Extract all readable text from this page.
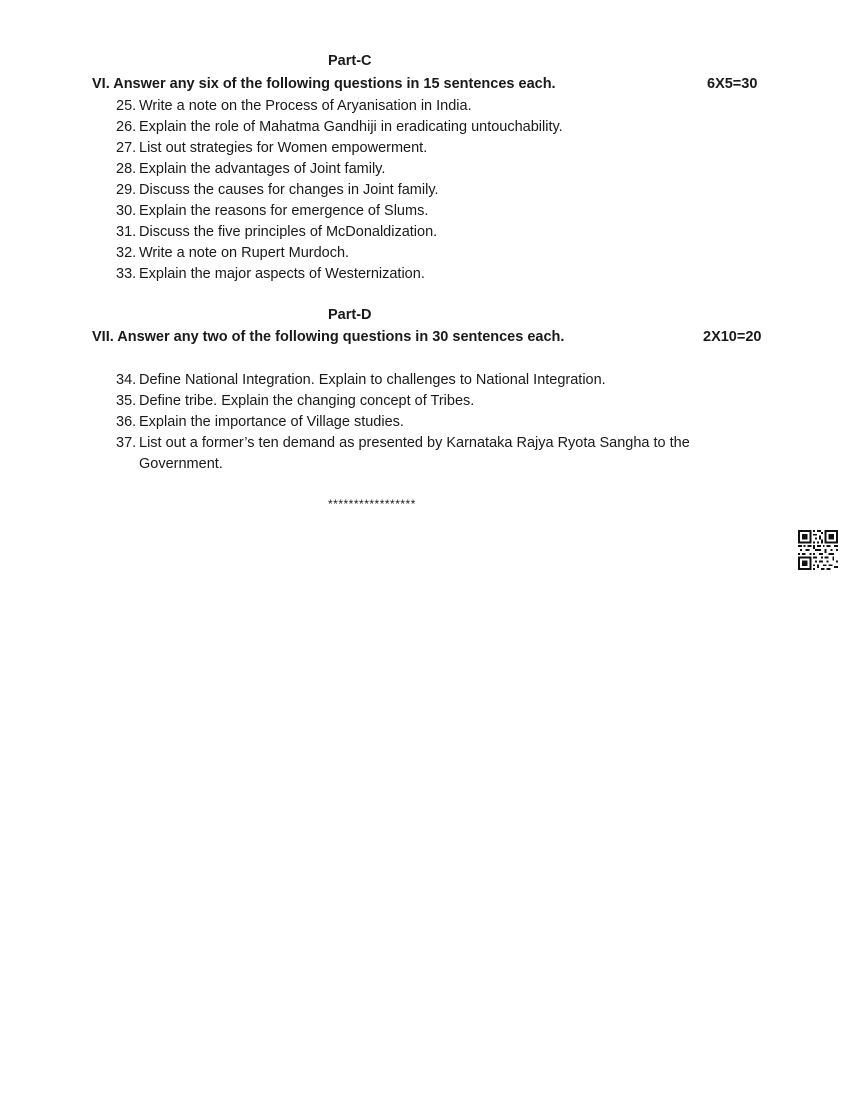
Part-C
VI. Answer any six of the following questions in 15 sentences each.	6X5=30
25. Write a note on the Process of Aryanisation in India.
26. Explain the role of Mahatma Gandhiji in eradicating untouchability.
27. List out strategies for Women empowerment.
28. Explain the advantages of Joint family.
29. Discuss the causes for changes in Joint family.
30. Explain the reasons for emergence of Slums.
31. Discuss the five principles of McDonaldization.
32. Write a note on Rupert Murdoch.
33. Explain the major aspects of Westernization.
Part-D
VII. Answer any two of the following questions in 30 sentences each.	2X10=20
34. Define National Integration. Explain to challenges to National Integration.
35. Define tribe. Explain the changing concept of Tribes.
36. Explain the importance of Village studies.
37. List out a former’s ten demand as presented by Karnataka Rajya Ryota Sangha to the Government.
*****************
